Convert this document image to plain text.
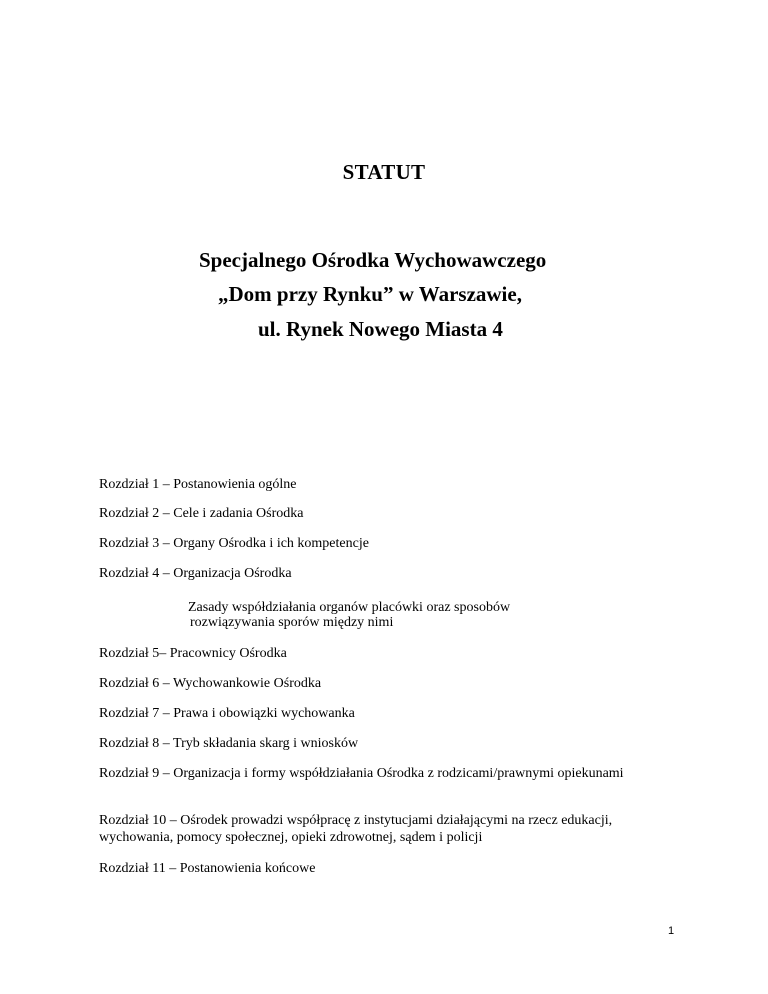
STATUT

Specjalnego Ośrodka Wychowawczego

„Dom przy Rynku” w Warszawie,

ul. Rynek Nowego Miasta 4

Rozdział 1 – Postanowienia ogólne

Rozdział 2 – Cele i zadania Ośrodka

Rozdział 3 – Organy Ośrodka i ich kompetencje

Rozdział 4 – Organizacja Ośrodka

Zasady współdziałania organów placówki oraz sposobów

rozwiązywania sporów między nimi

Rozdział 5– Pracownicy Ośrodka

Rozdział 6 – Wychowankowie Ośrodka

Rozdział 7 – Prawa i obowiązki wychowanka

Rozdział 8 – Tryb składania skarg i wniosków

Rozdział 9 – Organizacja i formy współdziałania Ośrodka z rodzicami/prawnymi opiekunami

Rozdział 10 – Ośrodek prowadzi współpracę z instytucjami działającymi na rzecz edukacji, wychowania, pomocy społecznej, opieki zdrowotnej, sądem i policji

Rozdział 11 – Postanowienia końcowe

1
